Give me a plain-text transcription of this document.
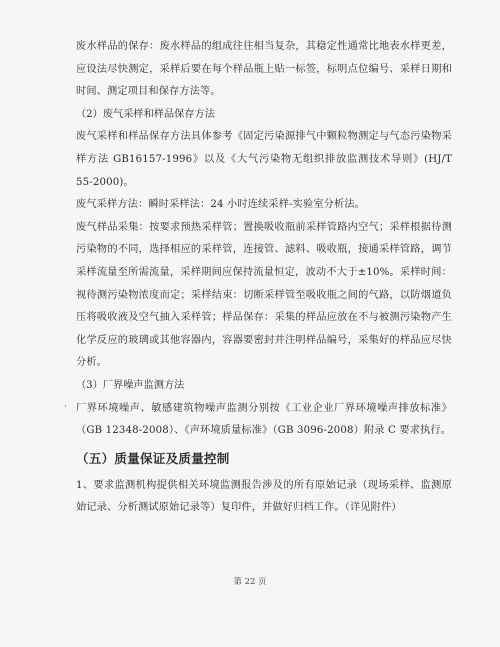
废水样品的保存：废水样品的组成往往相当复杂，其稳定性通常比地表水样更差，应设法尽快测定，采样后要在每个样品瓶上贴一标签，标明点位编号、采样日期和时间、测定项目和保存方法等。

（2）废气采样和样品保存方法

废气采样和样品保存方法具体参考《固定污染源排气中颗粒物测定与气态污染物采样方法 GB16157-1996》以及《大气污染物无组织排放监测技术导则》(HJ/T 55-2000)。

废气采样方法：瞬时采样法：24 小时连续采样-实验室分析法。

废气样品采集：按要求预热采样管；置换吸收瓶前采样管路内空气；采样根据待测污染物的不同，选择相应的采样管，连接管、滤料、吸收瓶，接通采样管路，调节采样流量至所需流量，采样期间应保持流量恒定，波动不大于±10%。采样时间：视待测污染物浓度而定；采样结束：切断采样管至吸收瓶之间的气路，以防烟道负压将吸收液及空气抽入采样管；样品保存：采集的样品应放在不与被测污染物产生化学反应的玻璃或其他容器内，容器要密封并注明样品编号，采集好的样品应尽快分析。

（3）厂界噪声监测方法

厂界环境噪声、敏感建筑物噪声监测分别按《工业企业厂界环境噪声排放标准》（GB 12348-2008）、《声环境质量标准》（GB 3096-2008）附录 C 要求执行。

（五）质量保证及质量控制

1、要求监测机构提供相关环境监测报告涉及的所有原始记录（现场采样、监测原始记录、分析测试原始记录等）复印件，并做好归档工作。（详见附件）

·
第 22 页
